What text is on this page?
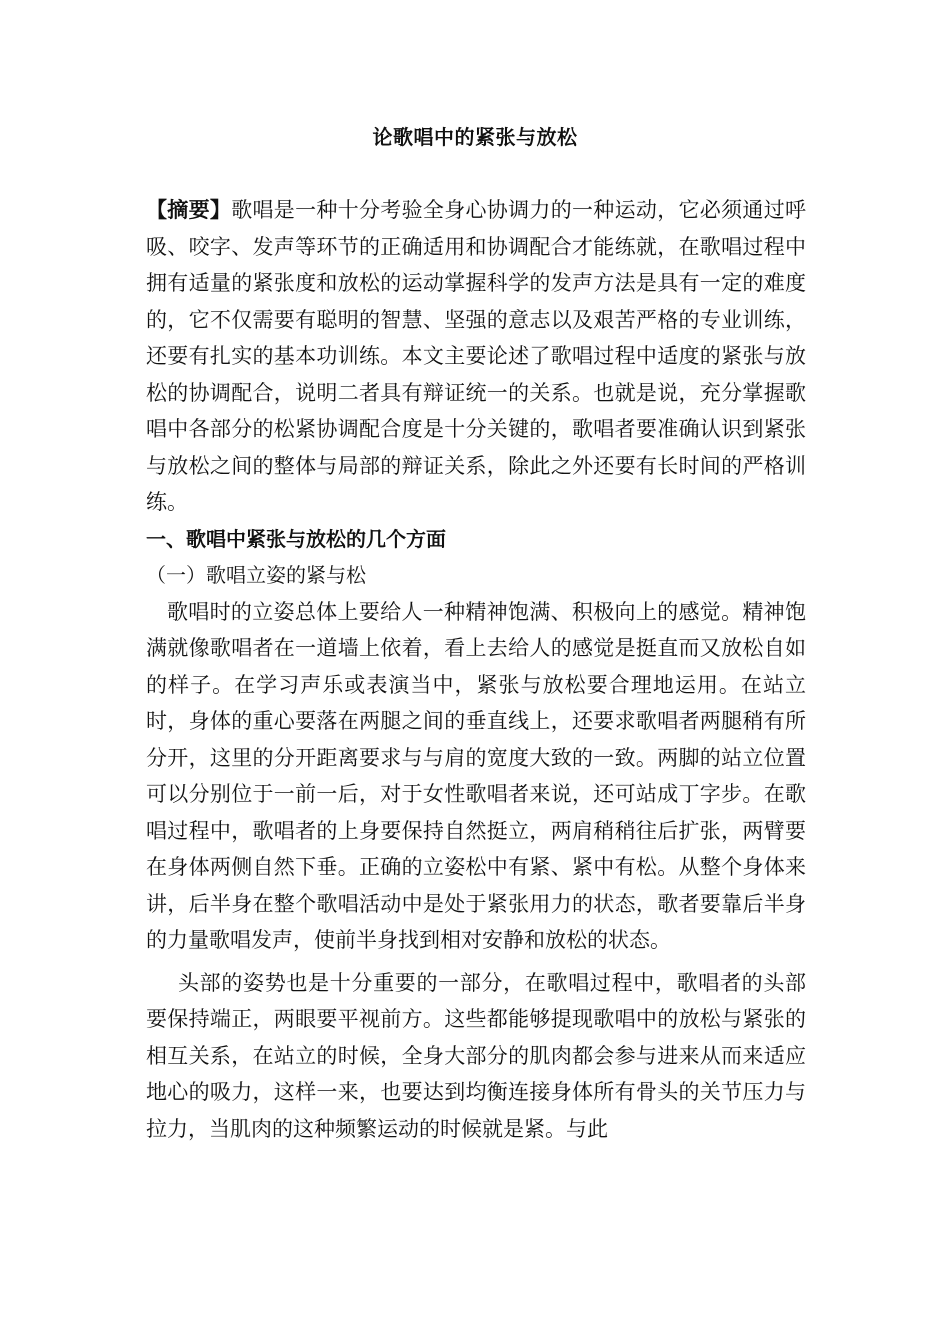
论歌唱中的紧张与放松

【摘要】歌唱是一种十分考验全身心协调力的一种运动，它必须通过呼吸、咬字、发声等环节的正确适用和协调配合才能练就，在歌唱过程中拥有适量的紧张度和放松的运动掌握科学的发声方法是具有一定的难度的，它不仅需要有聪明的智慧、坚强的意志以及艰苦严格的专业训练，还要有扎实的基本功训练。本文主要论述了歌唱过程中适度的紧张与放松的协调配合，说明二者具有辩证统一的关系。也就是说，充分掌握歌唱中各部分的松紧协调配合度是十分关键的，歌唱者要准确认识到紧张与放松之间的整体与局部的辩证关系，除此之外还要有长时间的严格训练。

一、歌唱中紧张与放松的几个方面

（一）歌唱立姿的紧与松

歌唱时的立姿总体上要给人一种精神饱满、积极向上的感觉。精神饱满就像歌唱者在一道墙上依着，看上去给人的感觉是挺直而又放松自如的样子。在学习声乐或表演当中，紧张与放松要合理地运用。在站立时，身体的重心要落在两腿之间的垂直线上，还要求歌唱者两腿稍有所分开，这里的分开距离要求与与肩的宽度大致的一致。两脚的站立位置可以分别位于一前一后，对于女性歌唱者来说，还可站成丁字步。在歌唱过程中，歌唱者的上身要保持自然挺立，两肩稍稍往后扩张，两臂要在身体两侧自然下垂。正确的立姿松中有紧、紧中有松。从整个身体来讲，后半身在整个歌唱活动中是处于紧张用力的状态，歌者要靠后半身的力量歌唱发声，使前半身找到相对安静和放松的状态。

头部的姿势也是十分重要的一部分，在歌唱过程中，歌唱者的头部要保持端正，两眼要平视前方。这些都能够提现歌唱中的放松与紧张的相互关系，在站立的时候，全身大部分的肌肉都会参与进来从而来适应地心的吸力，这样一来，也要达到均衡连接身体所有骨头的关节压力与拉力，当肌肉的这种频繁运动的时候就是紧。与此
